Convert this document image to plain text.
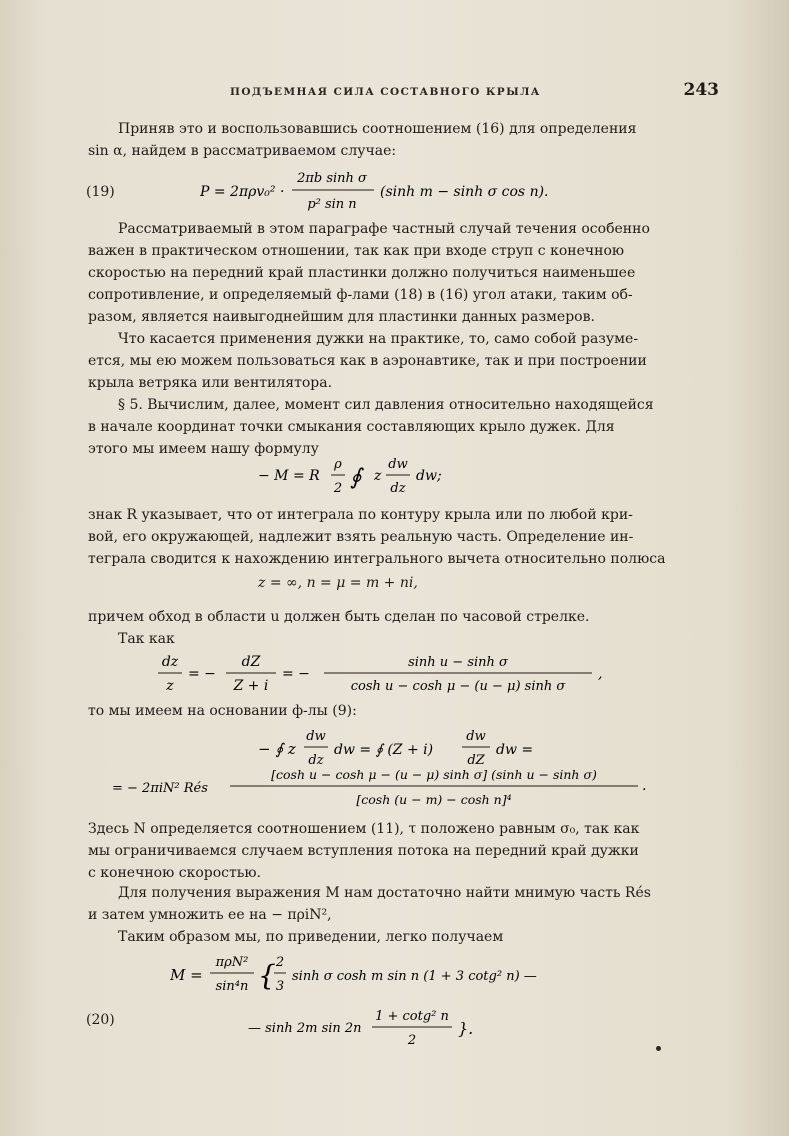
ПОДЪЕМНАЯ СИЛА СОСТАВНОГО КРЫЛА	243

Приняв это и воспользовавшись соотношением (16) для определения
sin α, найдем в рассматриваемом случае:

(19)	P = 2πρv₀² ·
2πb sinh σ
p² sin n
(sinh m − sinh σ cos n).

Рассматриваемый в этом параграфе частный случай течения особенно
важен в практическом отношении, так как при входе струп с конечною
скоростью на передний край пластинки должно получиться наименьшее
сопротивление, и определяемый ф-лами (18) в (16) угол атаки, таким об-
разом, является наивыгоднейшим для пластинки данных размеров.

Что касается применения дужки на практике, то, само собой разуме-
ется, мы ею можем пользоваться как в аэронавтике, так и при построении
крыла ветряка или вентилятора.

§ 5. Вычислим, далее, момент сил давления относительно находящейся
в начале координат точки смыкания составляющих крыло дужек. Для
этого мы имеем нашу формулу

− M = R
ρ
2 ∮ z
dw
dz
dw;

знак R указывает, что от интеграла по контуру крыла или по любой кри-
вой, его окружающей, надлежит взять реальную часть. Определение ин-
теграла сводится к нахождению интегрального вычета относительно полюса

z = ∞, n = μ = m + ni,

причем обход в области u должен быть сделан по часовой стрелке.
Так как

dz
z
= −
dZ
Z + i
= −
sinh u − sinh σ
cosh u − cosh μ − (u − μ) sinh σ
,

то мы имеем на основании ф-лы (9):

− ∮ z
dw
dz
dw = ∮ (Z + i)
dw
dZ
dw =
= − 2πiN² Rés
[cosh u − cosh μ − (u − μ) sinh σ] (sinh u − sinh σ)
[cosh (u − m) − cosh n]⁴
.

Здесь N определяется соотношением (11), τ положено равным σ₀, так как
мы ограничиваемся случаем вступления потока на передний край дужки
с конечною скоростью.

Для получения выражения M нам достаточно найти мнимую часть Rés
и затем умножить ее на − πρiN²,

Таким образом мы, по приведении, легко получаем

(20)
M =
πρN²
sin⁴n { 2
3
sinh σ cosh m sin n (1 + 3 cotg² n) —
— sinh 2m sin 2n
1 + cotg² n
2
}.
